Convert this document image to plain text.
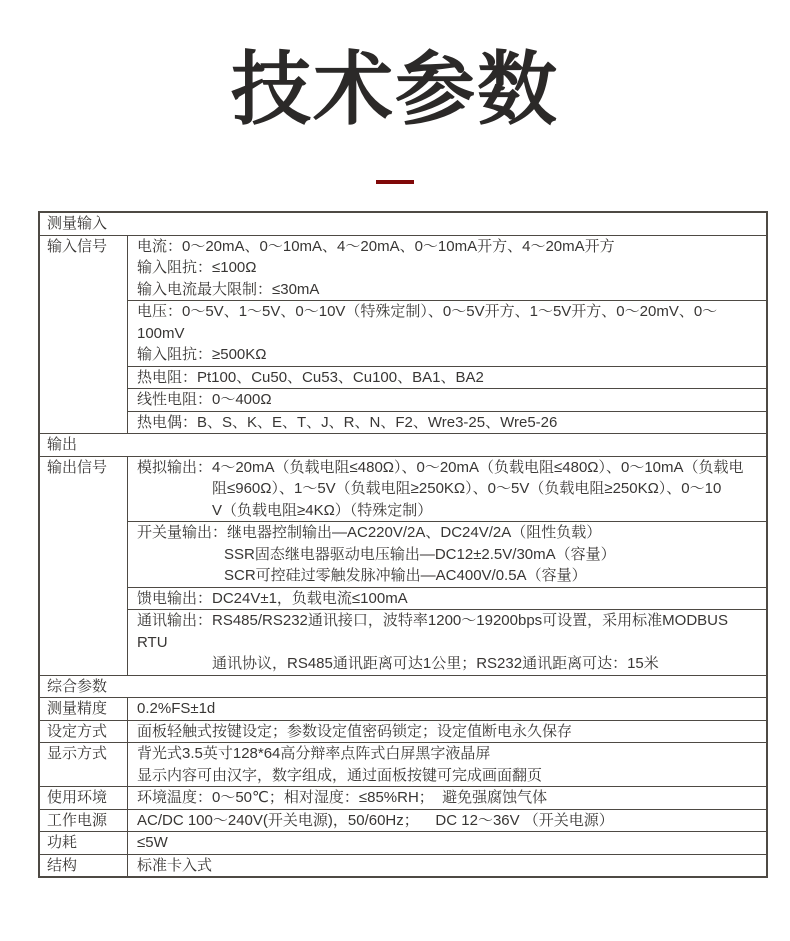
技术参数
测量输入
输入信号	电流：0～20mA、0～10mA、4～20mA、0～10mA开方、4～20mA开方
输入阻抗：≤100Ω
输入电流最大限制：≤30mA
电压：0～5V、1～5V、0～10V（特殊定制）、0～5V开方、1～5V开方、0～20mV、0～100mV
输入阻抗：≥500KΩ
热电阻：Pt100、Cu50、Cu53、Cu100、BA1、BA2
线性电阻：0～400Ω
热电偶：B、S、K、E、T、J、R、N、F2、Wre3-25、Wre5-26
输出
输出信号	模拟输出：4～20mA（负载电阻≤480Ω）、0～20mA（负载电阻≤480Ω）、0～10mA（负载电
阻≤960Ω）、1～5V（负载电阻≥250KΩ）、0～5V（负载电阻≥250KΩ）、0～10
V（负载电阻≥4KΩ）（特殊定制）
开关量输出：继电器控制输出—AC220V/2A、DC24V/2A（阻性负载）
SSR固态继电器驱动电压输出—DC12±2.5V/30mA（容量）
SCR可控硅过零触发脉冲输出—AC400V/0.5A（容量）
馈电输出：DC24V±1，负载电流≤100mA
通讯输出：RS485/RS232通讯接口，波特率1200～19200bps可设置，采用标准MODBUS RTU
通讯协议，RS485通讯距离可达1公里；RS232通讯距离可达：15米
综合参数
测量精度	0.2%FS±1d
设定方式	面板轻触式按键设定；参数设定值密码锁定；设定值断电永久保存
显示方式	背光式3.5英寸128*64高分辩率点阵式白屏黑字液晶屏
显示内容可由汉字，数字组成，通过面板按键可完成画面翻页
使用环境	环境温度：0～50℃；相对湿度：≤85%RH；  避免强腐蚀气体
工作电源	AC/DC 100～240V(开关电源)，50/60Hz；    DC 12～36V （开关电源）
功耗	≤5W
结构	标准卡入式
